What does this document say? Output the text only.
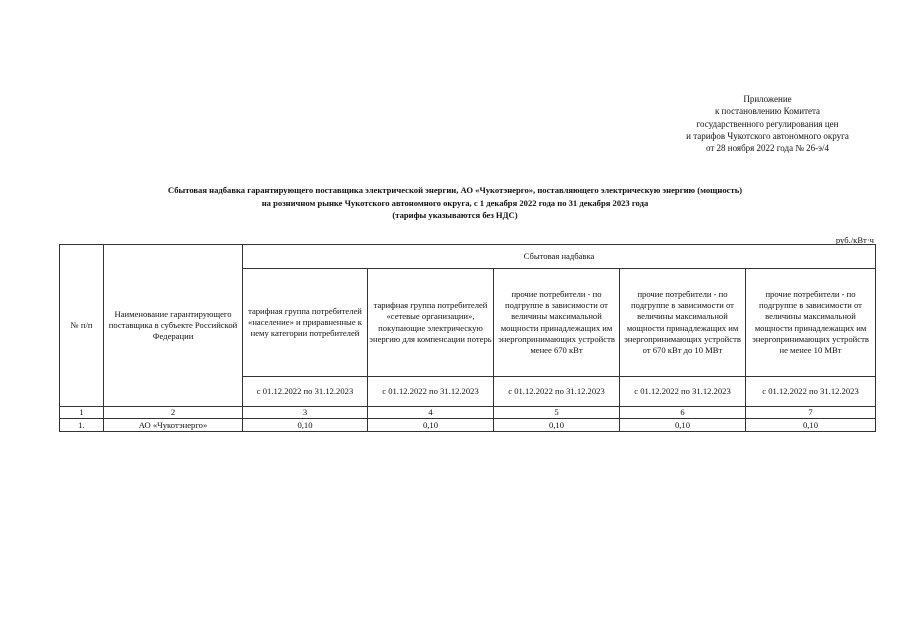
Приложение
к постановлению Комитета
государственного регулирования цен
и тарифов Чукотского автономного округа
от 28 ноября 2022 года № 26-э/4
Сбытовая надбавка гарантирующего поставщика электрической энергии, АО «Чукотэнерго», поставляющего электрическую энергию (мощность)
на розничном рынке Чукотского автономного округа, с 1 декабря 2022 года по 31 декабря 2023 года
(тарифы указываются без НДС)
руб./кВт·ч
№ п/п	Наименование гарантирующего поставщика в субъекте Российской Федерации	Сбытовая надбавка				
		тарифная группа потребителей «население» и приравненные к нему категории потребителей	тарифная группа потребителей «сетевые организации», покупающие электрическую энергию для компенсации потерь	прочие потребители - по подгруппе в зависимости от величины максимальной мощности принадлежащих им энергопринимающих устройств менее 670 кВт	прочие потребители - по подгруппе в зависимости от величины максимальной мощности принадлежащих им энергопринимающих устройств от 670 кВт до 10 МВт	прочие потребители - по подгруппе в зависимости от величины максимальной мощности принадлежащих им энергопринимающих устройств не менее 10 МВт
		с 01.12.2022 по 31.12.2023	с 01.12.2022 по 31.12.2023	с 01.12.2022 по 31.12.2023	с 01.12.2022 по 31.12.2023	с 01.12.2022 по 31.12.2023
1	2	3	4	5	6	7
1.	АО «Чукотэнерго»	0,10	0,10	0,10	0,10	0,10
